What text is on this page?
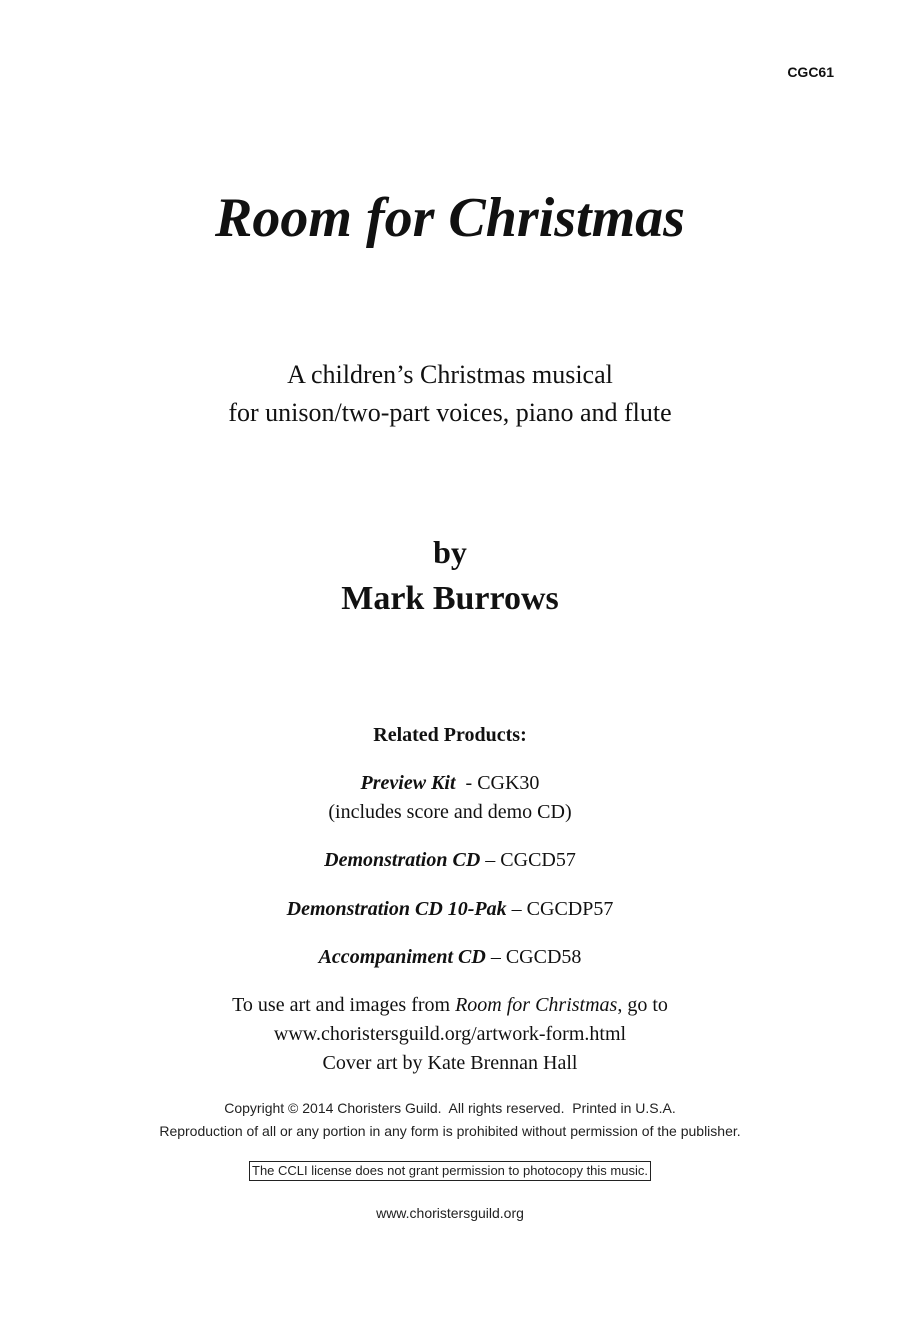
CGC61
Room for Christmas
A children’s Christmas musical
for unison/two-part voices, piano and flute
by
Mark Burrows
Related Products:
Preview Kit  - CGK30
(includes score and demo CD)
Demonstration CD – CGCD57
Demonstration CD 10-Pak – CGCDP57
Accompaniment CD – CGCD58
To use art and images from Room for Christmas, go to
www.choristersguild.org/artwork-form.html
Cover art by Kate Brennan Hall
Copyright © 2014 Choristers Guild.  All rights reserved.  Printed in U.S.A.
Reproduction of all or any portion in any form is prohibited without permission of the publisher.
The CCLI license does not grant permission to photocopy this music.
www.choristersguild.org
